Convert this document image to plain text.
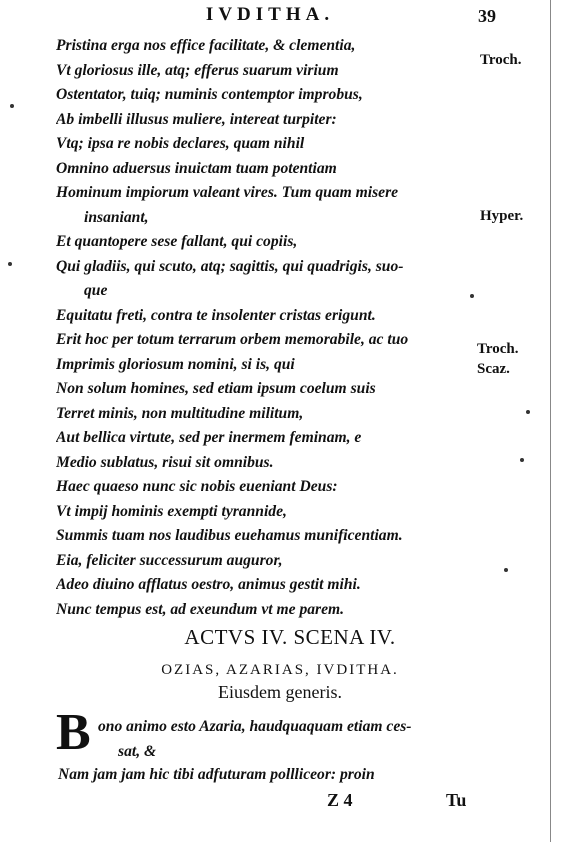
IVDITHA.	39
Pristina erga nos effice facilitate, & clementia,
Vt gloriosus ille, atq; efferus suarum virium
Ostentator, tuiq; numinis contemptor improbus,
Ab imbelli illusus muliere, intereat turpiter:
Vtq; ipsa re nobis declares, quam nihil
Omnino aduersus inuictam tuam potentiam
Hominum impiorum valeant vires. Tum quam misere
insaniant,
Et quantopere sese fallant, qui copiis,
Qui gladiis, qui scuto, atq; sagittis, qui quadrigis, suo-
que
Equitatu freti, contra te insolenter cristas erigunt.
Erit hoc per totum terrarum orbem memorabile, ac tuo
Imprimis gloriosum nomini, si is, qui
Non solum homines, sed etiam ipsum coelum suis
Terret minis, non multitudine militum,
Aut bellica virtute, sed per inermem feminam, e
Medio sublatus, risui sit omnibus.
Haec quaeso nunc sic nobis eueniant Deus:
Vt impij hominis exempti tyrannide,
Summis tuam nos laudibus euehamus munificentiam.
Eia, feliciter successurum auguror,
Adeo diuino afflatus oestro, animus gestit mihi.
Nunc tempus est, ad exeundum vt me parem.
Troch.
Hyper.
Troch.
Scaz.
ACTVS IV. SCENA IV.
OZIAS, AZARIAS, IVDITHA.
Eiusdem generis.
B ono animo esto Azaria, haudquaquam etiam ces-
sat, &
Nam jam jam hic tibi adfuturam pollliceor: proin
Z 4	Tu
